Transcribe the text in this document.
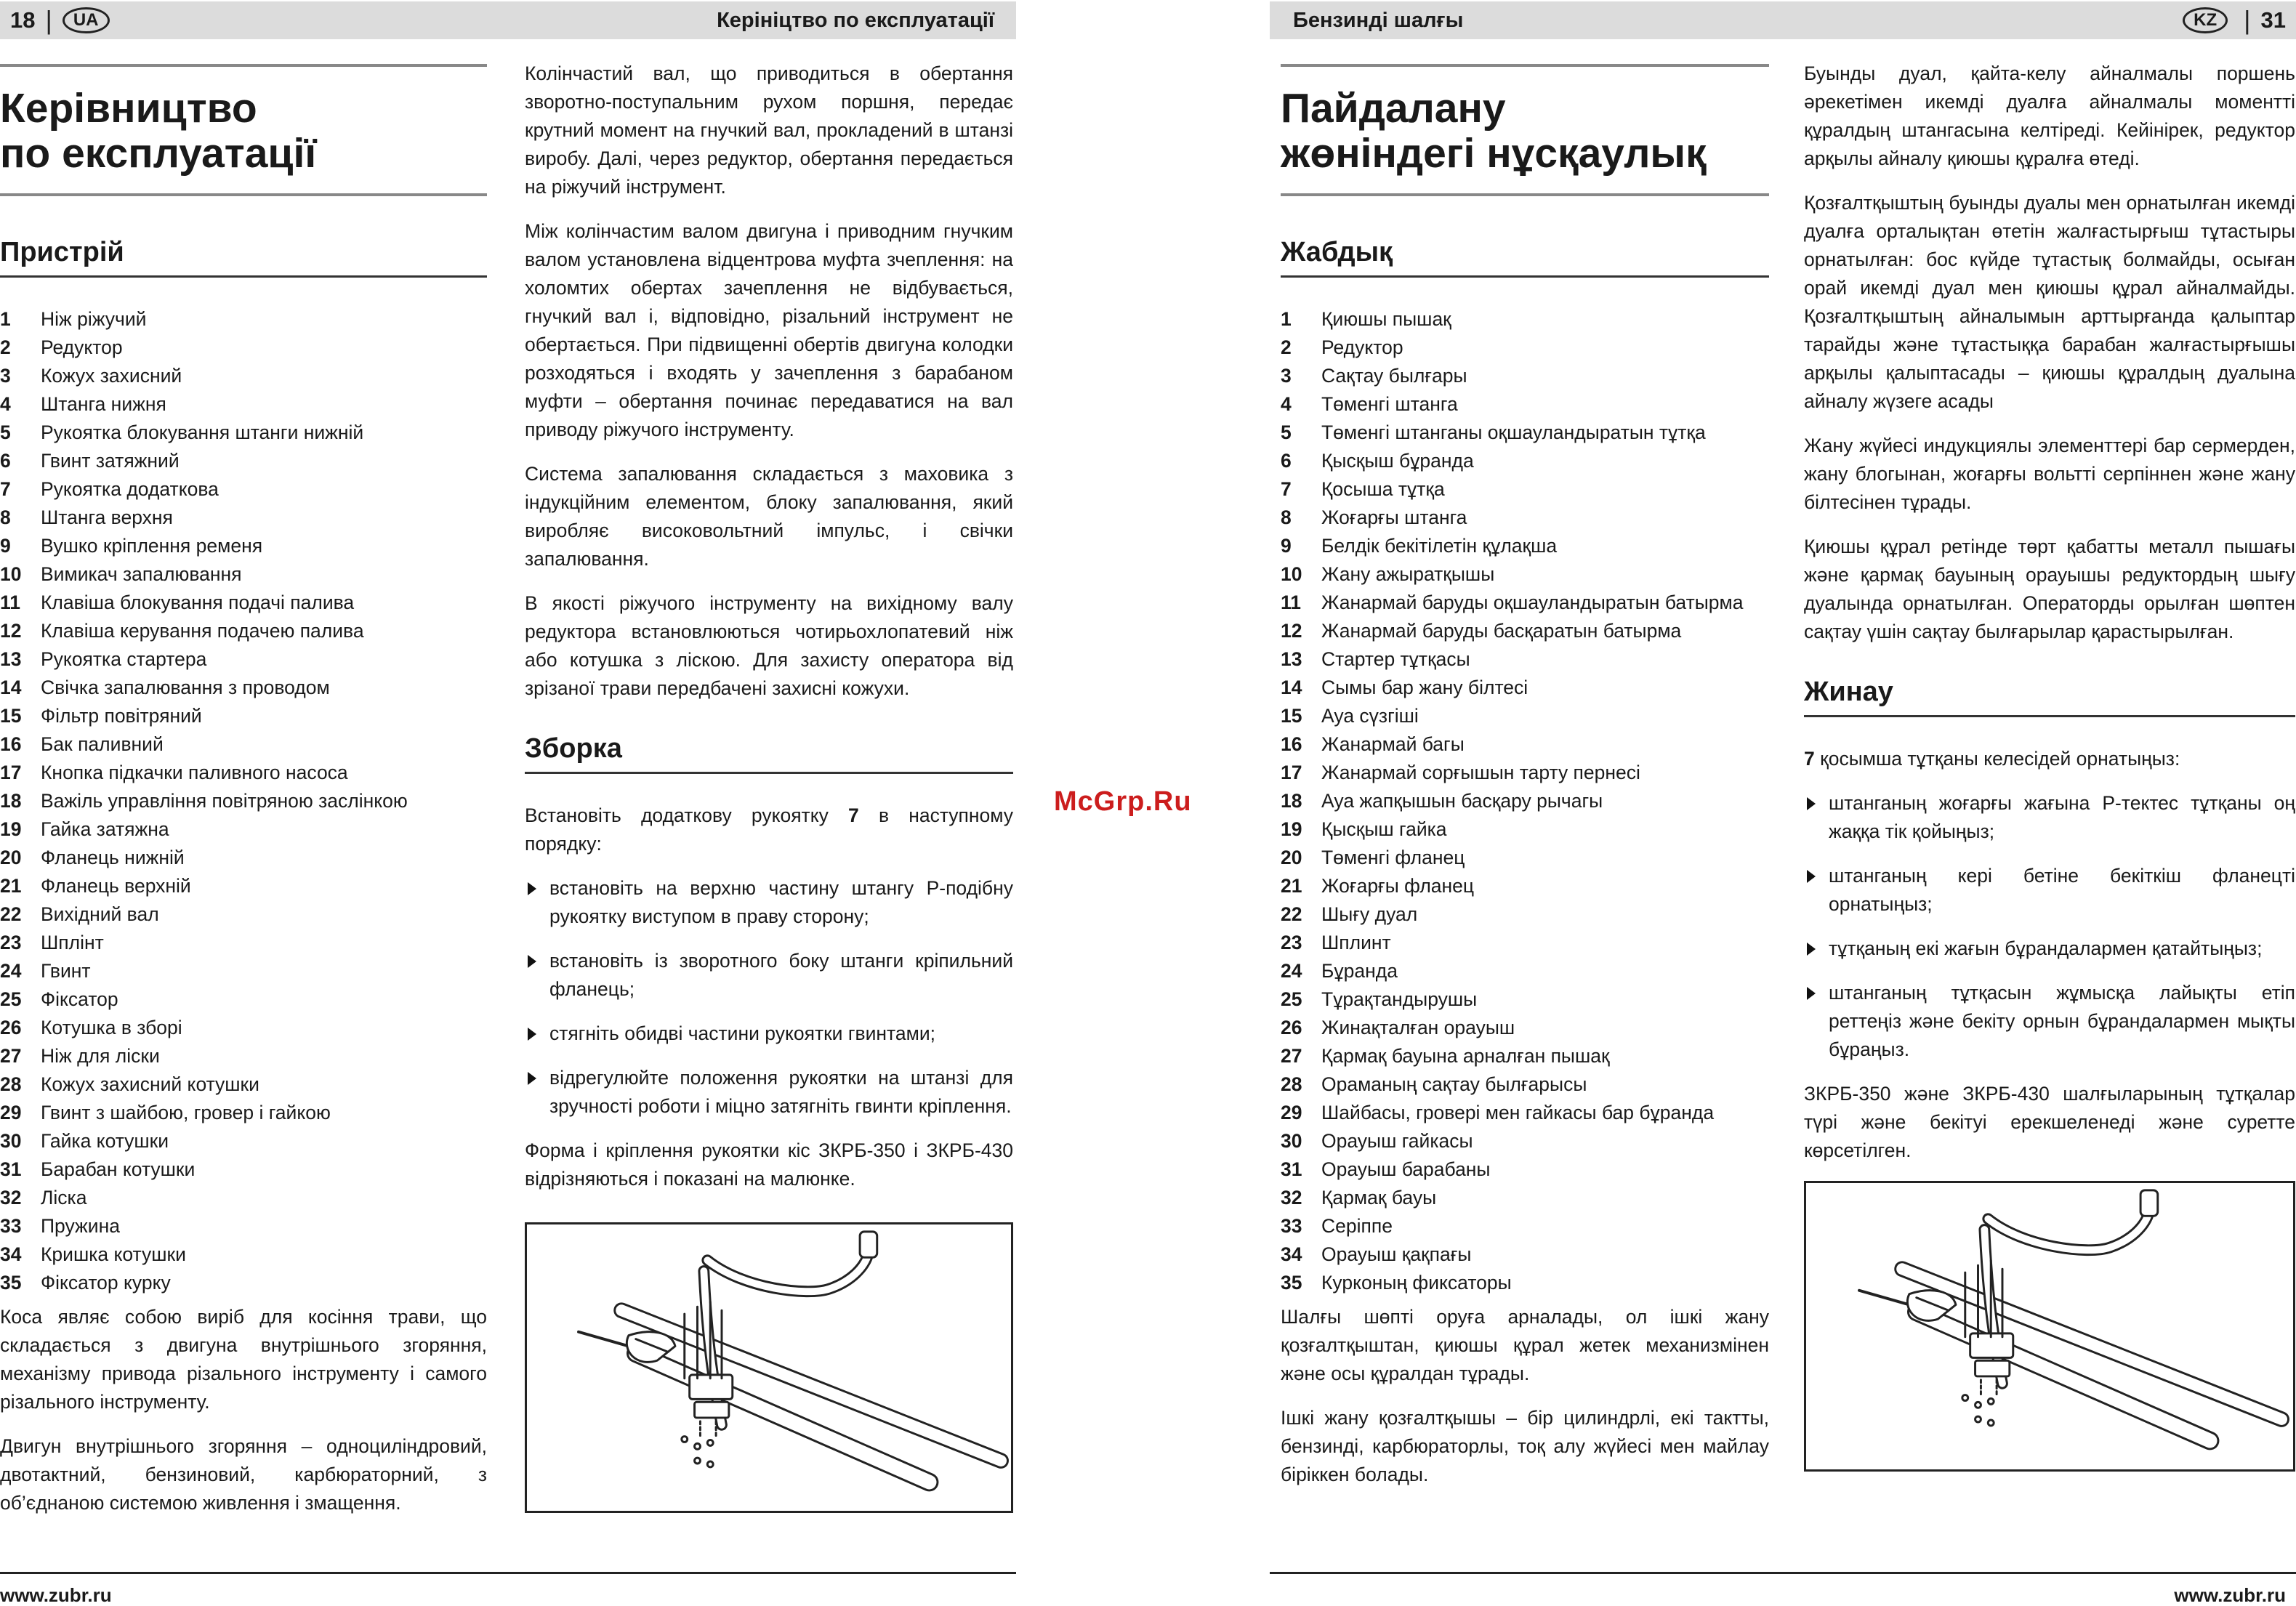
18 |	UA	Керініцтво по експлуатації	Бензинді шалғы	KZ	| 31
Керівництво
по експлуатації
Пристрій
1	Ніж ріжучий
2	Редуктор
3	Кожух захисний
4	Штанга нижня
5	Рукоятка блокування штанги нижній
6	Гвинт затяжний
7	Рукоятка додаткова
8	Штанга верхня
9	Вушко кріплення ременя
10	Вимикач запалювання
11	Клавіша блокування подачі палива
12	Клавіша керування подачею палива
13	Рукоятка стартера
14	Свічка запалювання з проводом
15	Фільтр повітряний
16	Бак паливний
17	Кнопка підкачки паливного насоса
18	Важіль управління повітряною заслінкою
19	Гайка затяжна
20	Фланець нижній
21	Фланець верхній
22	Вихідний вал
23	Шплінт
24	Гвинт
25	Фіксатор
26	Котушка в зборі
27	Ніж для ліски
28	Кожух захисний котушки
29	Гвинт з шайбою, гровер і гайкою
30	Гайка котушки
31	Барабан котушки
32	Ліска
33	Пружина
34	Кришка котушки
35	Фіксатор курку

Коса являє собою виріб для косіння трави, що складається з двигуна внутрішнього згоряння, механізму привода різального інструменту і самого різального інструменту.

Двигун внутрішнього згоряння – одноциліндровий, двотактний, бензиновий, карбюраторний, з об’єднаною системою живлення і змащення.

Колінчастий вал, що приводиться в обертання зворотно-поступальним рухом поршня, передає крутний момент на гнучкий вал, прокладений в штанзі виробу. Далі, через редуктор, обертання передається на ріжучий інструмент.

Між колінчастим валом двигуна і приводним гнучким валом установлена відцентрова муфта зчеплення: на холомтих обертах зачеплення не відбувається, гнучкий вал і, відповідно, різальний інструмент не обертається. При підвищенні обертів двигуна колодки розходяться і входять у зачеплення з барабаном муфти – обертання починає передаватися на вал приводу ріжучого інструменту.

Система запалювання складається з маховика з індукційним елементом, блоку запалювання, який виробляє високовольтний імпульс, і свічки запалювання.

В якості ріжучого інструменту на вихідному валу редуктора встановлюються чотирьохлопатевий ніж або котушка з ліскою. Для захисту оператора від зрізаної трави передбачені захисні кожухи.

Зборка

Встановіть додаткову рукоятку 7 в наступному порядку:

встановіть на верхню частину штангу Р-подібну рукоятку виступом в праву сторону;
встановіть із зворотного боку штанги кріпильний фланець;
стягніть обидві частини рукоятки гвинтами;
відрегулюйте положення рукоятки на штанзі для зручності роботи і міцно затягніть гвинти кріплення.

Форма і кріплення рукоятки кіс ЗКРБ-350 і ЗКРБ-430 відрізняються і показані на малюнке.

McGrp.Ru
Пайдалану
жөніндегі нұсқаулық
Жабдық
1	Қиюшы пышақ
2	Редуктор
3	Сақтау былғары
4	Төменгі штанга
5	Төменгі штанганы оқшауландыратын тұтқа
6	Қысқыш бұранда
7	Қосыша тұтқа
8	Жоғарғы штанга
9	Белдік бекітілетін құлақша
10	Жану ажыратқышы
11	Жанармай баруды оқшауландыратын батырма
12	Жанармай баруды басқаратын батырма
13	Стартер тұтқасы
14	Сымы бар жану білтесі
15	Ауа сүзгіші
16	Жанармай багы
17	Жанармай сорғышын тарту пернесі
18	Ауа жапқышын басқару рычагы
19	Қысқыш гайка
20	Төменгі фланец
21	Жоғарғы фланец
22	Шығу дуал
23	Шплинт
24	Бұранда
25	Тұрақтандырушы
26	Жинақталған орауыш
27	Қармақ бауына арналған пышақ
28	Ораманың сақтау былғарысы
29	Шайбасы, гровері мен гайкасы бар бұранда
30	Орауыш гайкасы
31	Орауыш барабаны
32	Қармақ бауы
33	Серіппе
34	Орауыш қақпағы
35	Курконың фиксаторы

Шалғы шөпті оруға арналады, ол ішкі жану қозғалтқыштан, қиюшы құрал жетек механизмінен және осы құралдан тұрады.

Ішкі жану қозғалтқышы – бір цилиндрлі, екі тактты, бензинді, карбюраторлы, тоқ алу жүйесі мен майлау біріккен болады.

Буынды дуал, қайта-келу айналмалы поршень әрекетімен икемді дуалға айналмалы моментті құралдың штангасына келтіреді. Кейінірек, редуктор арқылы айналу қиюшы құралға өтеді.

Қозғалтқыштың буынды дуалы мен орнатылған икемді дуалға орталықтан өтетін жалғастырғыш тұтастыры орнатылған: бос күйде тұтастық болмайды, осыған орай икемді дуал мен қиюшы құрал айналмайды. Қозғалтқыштың айналымын арттырғанда қалыптар тарайды және тұтастыққа барабан жалғастырғышы арқылы қалыптасады – қиюшы құралдың дуалына айналу жүзеге асады

Жану жүйесі индукциялы элементтері бар сермерден, жану блогынан, жоғарғы вольтті серпіннен және жану білтесінен тұрады.

Қиюшы құрал ретінде төрт қабатты металл пышағы және қармақ бауының орауышы редуктордың шығу дуалында орнатылған. Операторды орылған шөптен сақтау үшін сақтау былғарылар қарастырылған.

Жинау

7 қосымша тұтқаны келесідей орнатыңыз:

штанганың жоғарғы жағына Р-тектес тұтқаны оң жаққа тік қойыңыз;
штанганың кері бетіне бекіткіш фланецті орнатыңыз;
тұтқаның екі жағын бұрандалармен қатайтыңыз;
штанганың тұтқасын жұмысқа лайықты етіп реттеңіз және бекіту орнын бұрандалармен мықты бұраңыз.

ЗКРБ-350 және ЗКРБ-430 шалғыларының тұтқалар түрі және бекітуі ерекшеленеді және суретте көрсетілген.

www.zubr.ru	www.zubr.ru
